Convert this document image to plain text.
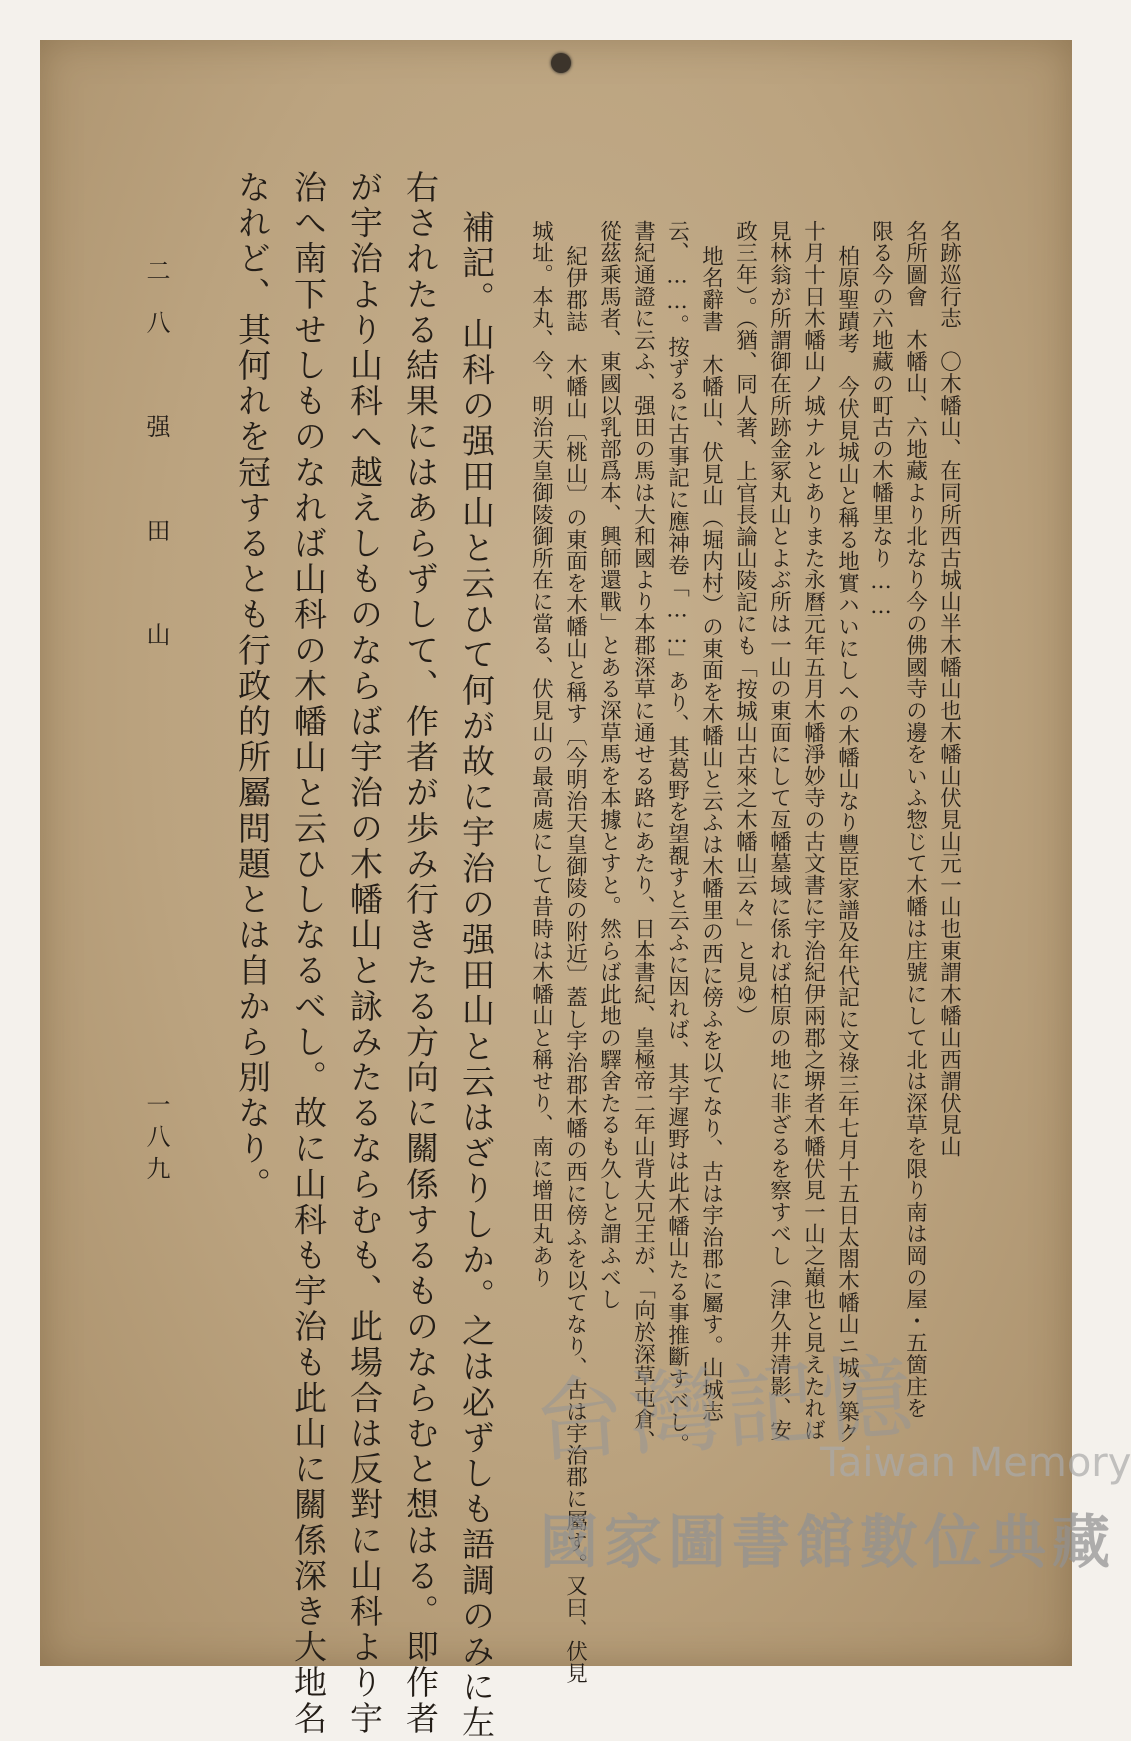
名跡巡行志　〇木幡山、在同所西古城山半木幡山也木幡山伏見山元一山也東謂木幡山西謂伏見山
名所圖會　木幡山、六地藏より北なり今の佛國寺の邊をいふ惣じて木幡は庄號にして北は深草を限り南は岡の屋・五箇庄を
限る今の六地藏の町古の木幡里なり……
柏原聖蹟考　今伏見城山と稱る地實ハいにしへの木幡山なり豐臣家譜及年代記に文祿三年七月十五日太閤木幡山ニ城ヲ築ク
十月十日木幡山ノ城ナルとありまた永曆元年五月木幡淨妙寺の古文書に宇治紀伊兩郡之堺者木幡伏見一山之巔也と見えたれば
見林翁が所謂御在所跡金冢丸山とよぶ所は一山の東面にして亙幡墓域に係れば柏原の地に非ざるを察すべし（津久井清影、安
政三年）。（猶、同人著、上官長論山陵記にも「按城山古來之木幡山云々」と見ゆ）
地名辭書　木幡山、伏見山（堀内村）の東面を木幡山と云ふは木幡里の西に傍ふを以てなり、古は宇治郡に屬す。山城志
云、……。按ずるに古事記に應神卷「……」あり、其葛野を望覩すと云ふに因れば、其宇遲野は此木幡山たる事推斷すべし。
書紀通證に云ふ、强田の馬は大和國より本郡深草に通せる路にあたり、日本書紀、皇極帝二年山背大兄王が、「向於深草屯倉、
從茲乘馬者、東國以乳部爲本、興師還戰」とある深草馬を本據とすと。然らば此地の驛舍たるも久しと謂ふべし
紀伊郡誌　木幡山〔桃山〕の東面を木幡山と稱す〔今明治天皇御陵の附近〕蓋し宇治郡木幡の西に傍ふを以てなり、古は宇治郡に屬す。又曰、伏見
城址。本丸、今、明治天皇御陵御所在に當る、伏見山の最高處にして昔時は木幡山と稱せり、南に增田丸あり
補記。山科の强田山と云ひて何が故に宇治の强田山と云はざりしか。之は必ずしも語調のみに左
右されたる結果にはあらずして、作者が歩み行きたる方向に關係するものならむと想はる。即作者
が宇治より山科へ越えしものならば宇治の木幡山と詠みたるならむも、此場合は反對に山科より宇
治へ南下せしものなれば山科の木幡山と云ひしなるべし。故に山科も宇治も此山に關係深き大地名
なれど、其何れを冠するとも行政的所屬問題とは自から別なり。
二八　强　田　山
一八九
台灣記憶
Taiwan Memory
國家圖書館數位典藏
